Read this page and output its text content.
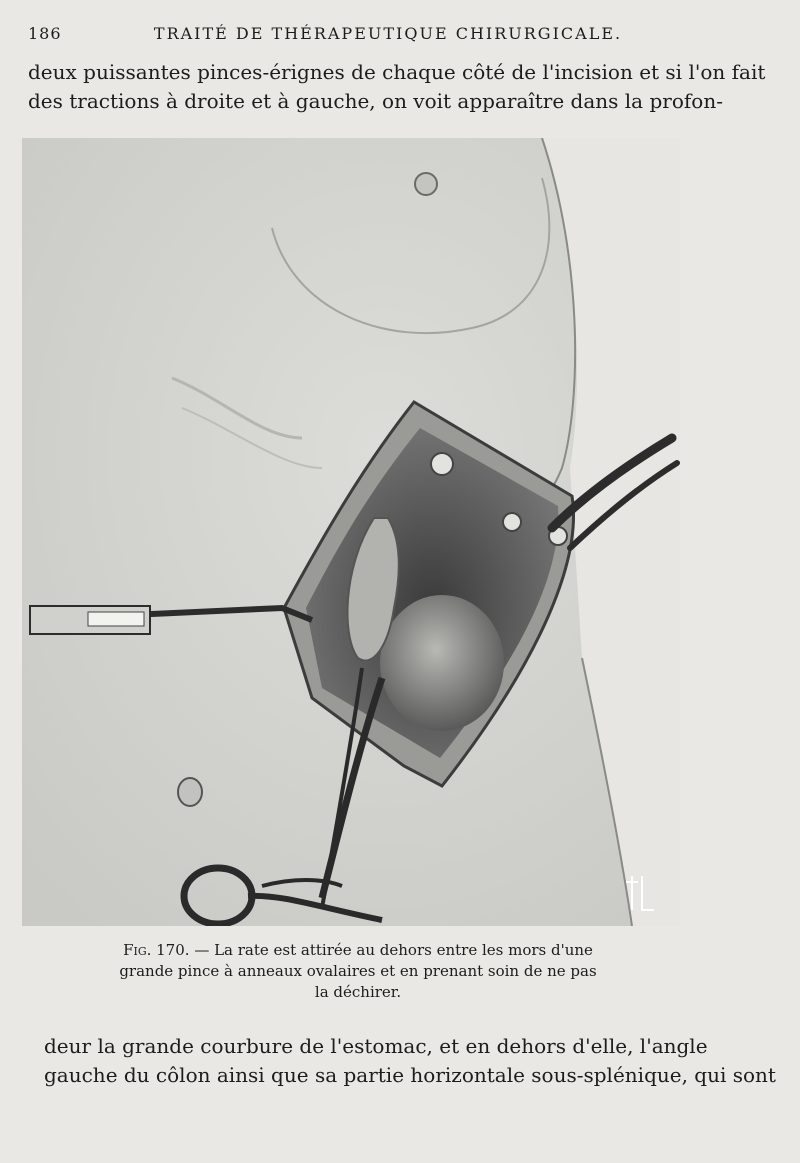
186	TRAITÉ DE THÉRAPEUTIQUE CHIRURGICALE.
deux puissantes pinces-érignes de chaque côté de l'incision et si l'on fait
des tractions à droite et à gauche, on voit apparaître dans la profon-
Fig. 170. — La rate est attirée au dehors entre les mors d'une
grande pince à anneaux ovalaires et en prenant soin de ne pas
la déchirer.
deur la grande courbure de l'estomac, et en dehors d'elle, l'angle
gauche du côlon ainsi que sa partie horizontale sous-splénique, qui sont
